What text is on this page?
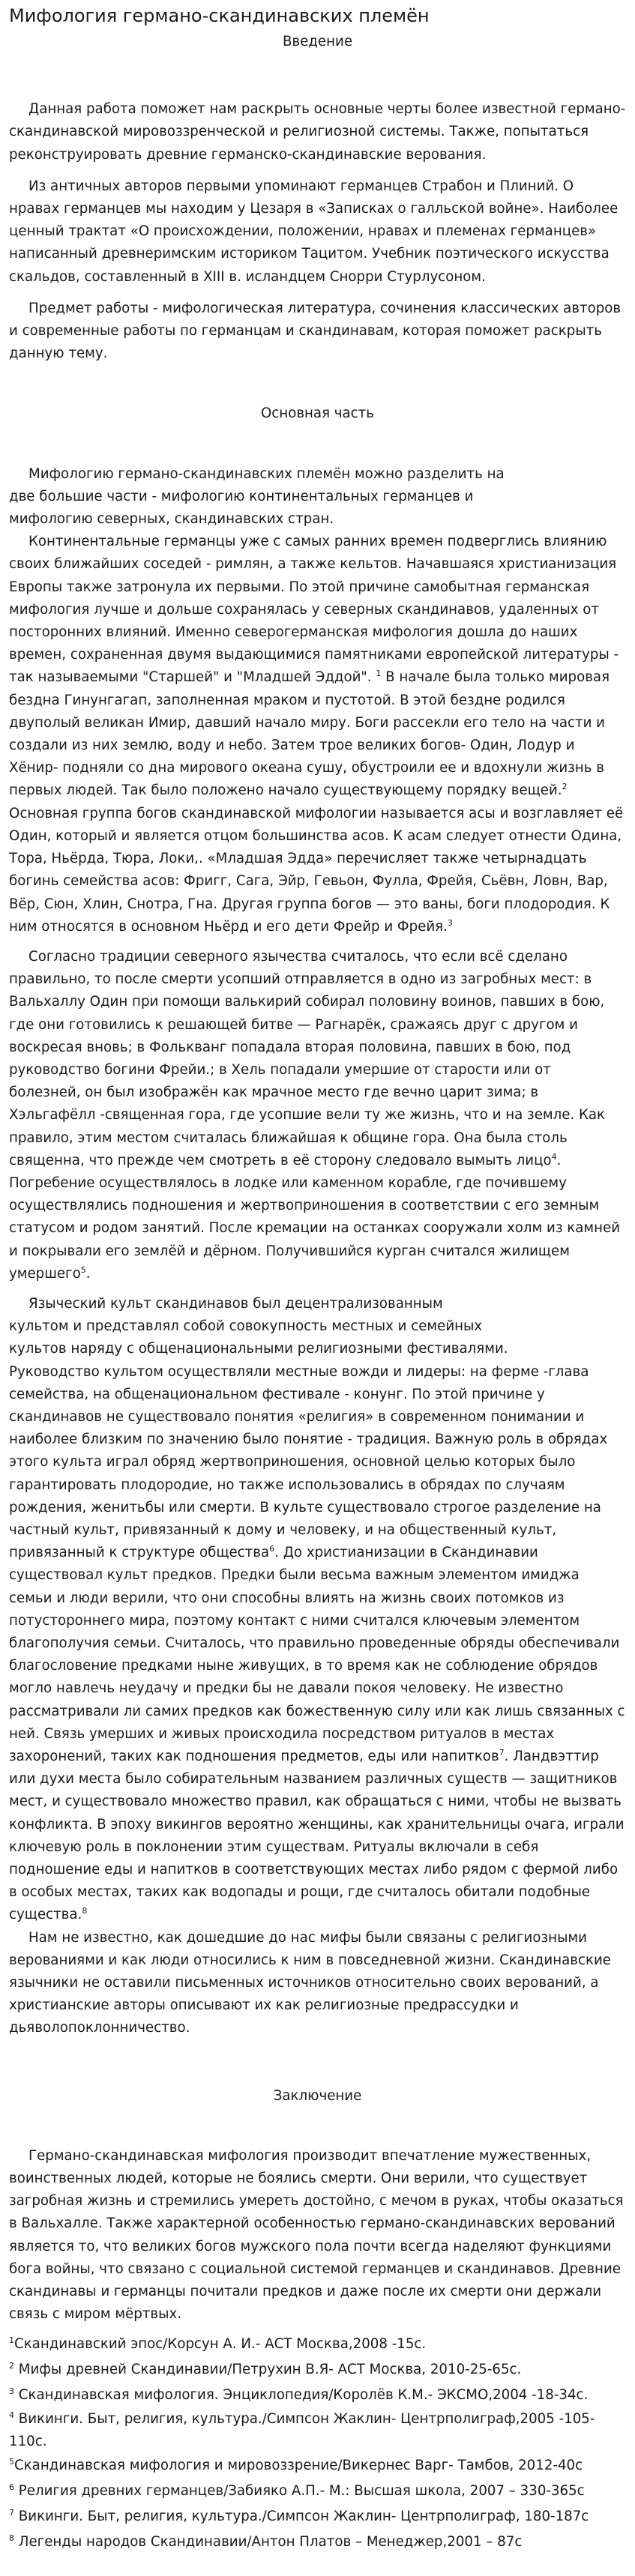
Мифология германо-скандинавских племён

Введение

Данная работа поможет нам раскрыть основные черты более известной германо-скандинавской мировоззренческой и религиозной системы. Также, попытаться реконструировать древние германско-скандинавские верования.

Из античных авторов первыми упоминают германцев Страбон и Плиний. О нравах германцев мы находим у Цезаря в «Записках о галльской войне». Наиболее ценный трактат «О происхождении, положении, нравах и племенах германцев» написанный древнеримским историком Тацитом. Учебник поэтического искусства скальдов, составленный в XIII в. исландцем Снорри Стурлусоном.

Предмет работы - мифологическая литература, сочинения классических авторов и современные работы по германцам и скандинавам, которая поможет раскрыть данную тему.

Основная часть

Мифологию германо-скандинавских племён можно разделить на

две большие части - мифологию континентальных германцев и

мифологию северных, скандинавских стран.

Континентальные германцы уже с самых ранних времен подверглись влиянию своих ближайших соседей - римлян, а также кельтов. Начавшаяся христианизация Европы также затронула их первыми. По этой причине самобытная германская мифология лучше и дольше сохранялась у северных скандинавов, удаленных от посторонних влияний. Именно северогерманская мифология дошла до наших времен, сохраненная двумя выдающимися памятниками европейской литературы - так называемыми "Старшей" и "Младшей Эддой". $^1$ В начале была только мировая бездна Гинунгагап, заполненная мраком и пустотой. В этой бездне родился двуполый великан Имир, давший начало миру. Боги рассекли его тело на части и создали из них землю, воду и небо. Затем трое великих богов- Один, Лодур и Хёнир- подняли со дна мирового океана сушу, обустроили ее и вдохнули жизнь в первых людей. Так было положено начало существующему порядку вещей.$^2$ Основная группа богов скандинавской мифологии называется асы и возглавляет её Один, который и является отцом большинства асов. К асам следует отнести Одина, Тора, Ньёрда, Тюра, Локи,. «Младшая Эдда» перечисляет также четырнадцать богинь семейства асов: Фригг, Сага, Эйр, Гевьон, Фулла, Фрейя, Сьёвн, Ловн, Вар, Вёр, Сюн, Хлин, Снотра, Гна. Другая группа богов — это ваны, боги плодородия. К ним относятся в основном Ньёрд и его дети Фрейр и Фрейя.$^3$

Согласно традиции северного язычества считалось, что если всё сделано правильно, то после смерти усопший отправляется в одно из загробных мест: в Вальхаллу Один при помощи валькирий собирал половину воинов, павших в бою, где они готовились к решающей битве — Рагнарёк, сражаясь друг с другом и воскресая вновь; в Фолькванг попадала вторая половина, павших в бою, под руководство богини Фрейи.; в Хель попадали умершие от старости или от болезней, он был изображён как мрачное место где вечно царит зима; в Хэльгафёлл -священная гора, где усопшие вели ту же жизнь, что и на земле. Как правило, этим местом считалась ближайшая к общине гора. Она была столь священна, что прежде чем смотреть в её сторону следовало вымыть лицо$^4$. Погребение осуществлялось в лодке или каменном корабле, где почившему осуществлялись подношения и жертвоприношения в соответствии с его земным статусом и родом занятий. После кремации на останках сооружали холм из камней и покрывали его землёй и дёрном. Получившийся курган считался жилищем умершего$^5$.

Языческий культ скандинавов был децентрализованным

культом и представлял собой совокупность местных и семейных

культов наряду с общенациональными религиозными фестивалями.

Руководство культом осуществляли местные вожди и лидеры: на ферме -глава семейства, на общенациональном фестивале - конунг. По этой причине у скандинавов не существовало понятия «религия» в современном понимании и наиболее близким по значению было понятие - традиция. Важную роль в обрядах этого культа играл обряд жертвоприношения, основной целью которых было гарантировать плодородие, но также использовались в обрядах по случаям рождения, женитьбы или смерти. В культе существовало строгое разделение на частный культ, привязанный к дому и человеку, и на общественный культ, привязанный к структуре общества$^6$. До христианизации в Скандинавии существовал культ предков. Предки были весьма важным элементом имиджа семьи и люди верили, что они способны влиять на жизнь своих потомков из потустороннего мира, поэтому контакт с ними считался ключевым элементом благополучия семьи. Считалось, что правильно проведенные обряды обеспечивали благословение предками ныне живущих, в то время как не соблюдение обрядов могло навлечь неудачу и предки бы не давали покоя человеку. Не известно рассматривали ли самих предков как божественную силу или как лишь связанных с ней. Связь умерших и живых происходила посредством ритуалов в местах захоронений, таких как подношения предметов, еды или напитков$^7$. Ландвэттир или духи места было собирательным названием различных существ — защитников мест, и существовало множество правил, как обращаться с ними, чтобы не вызвать конфликта. В эпоху викингов вероятно женщины, как хранительницы очага, играли ключевую роль в поклонении этим существам. Ритуалы включали в себя подношение еды и напитков в соответствующих местах либо рядом с фермой либо в особых местах, таких как водопады и рощи, где считалось обитали подобные существа.$^8$

Нам не известно, как дошедшие до нас мифы были связаны с религиозными верованиями и как люди относились к ним в повседневной жизни. Скандинавские язычники не оставили письменных источников относительно своих верований, а христианские авторы описывают их как религиозные предрассудки и дьяволопоклонничество.

Заключение

Германо-скандинавская мифология производит впечатление мужественных, воинственных людей, которые не боялись смерти. Они верили, что существует загробная жизнь и стремились умереть достойно, с мечом в руках, чтобы оказаться в Вальхалле. Также характерной особенностью германо-скандинавских верований является то, что великих богов мужского пола почти всегда наделяют функциями бога войны, что связано с социальной системой германцев и скандинавов. Древние скандинавы и германцы почитали предков и даже после их смерти они держали связь с миром мёртвых.

$^1$Скандинавский эпос/Корсун А. И.- АСТ Москва,2008 -15с.

$^2$ Мифы древней Скандинавии/Петрухин В.Я- АСТ Москва, 2010-25-65с.

$^3$ Скандинавская мифология. Энциклопедия/Королёв К.М.- ЭКСМО,2004 -18-34с.

$^4$ Викинги. Быт, религия, культура./Симпсон Жаклин- Центрполиграф,2005 -105-110с.

$^5$Скандинавская мифология и мировоззрение/Викернес Варг- Тамбов, 2012-40с

$^6$ Религия древних германцев/Забияко А.П.- М.: Высшая школа, 2007 – 330-365с

$^7$ Викинги. Быт, религия, культура./Симпсон Жаклин- Центрполиграф, 180-187с

$^8$ Легенды народов Скандинавии/Антон Платов – Менеджер,2001 – 87с
